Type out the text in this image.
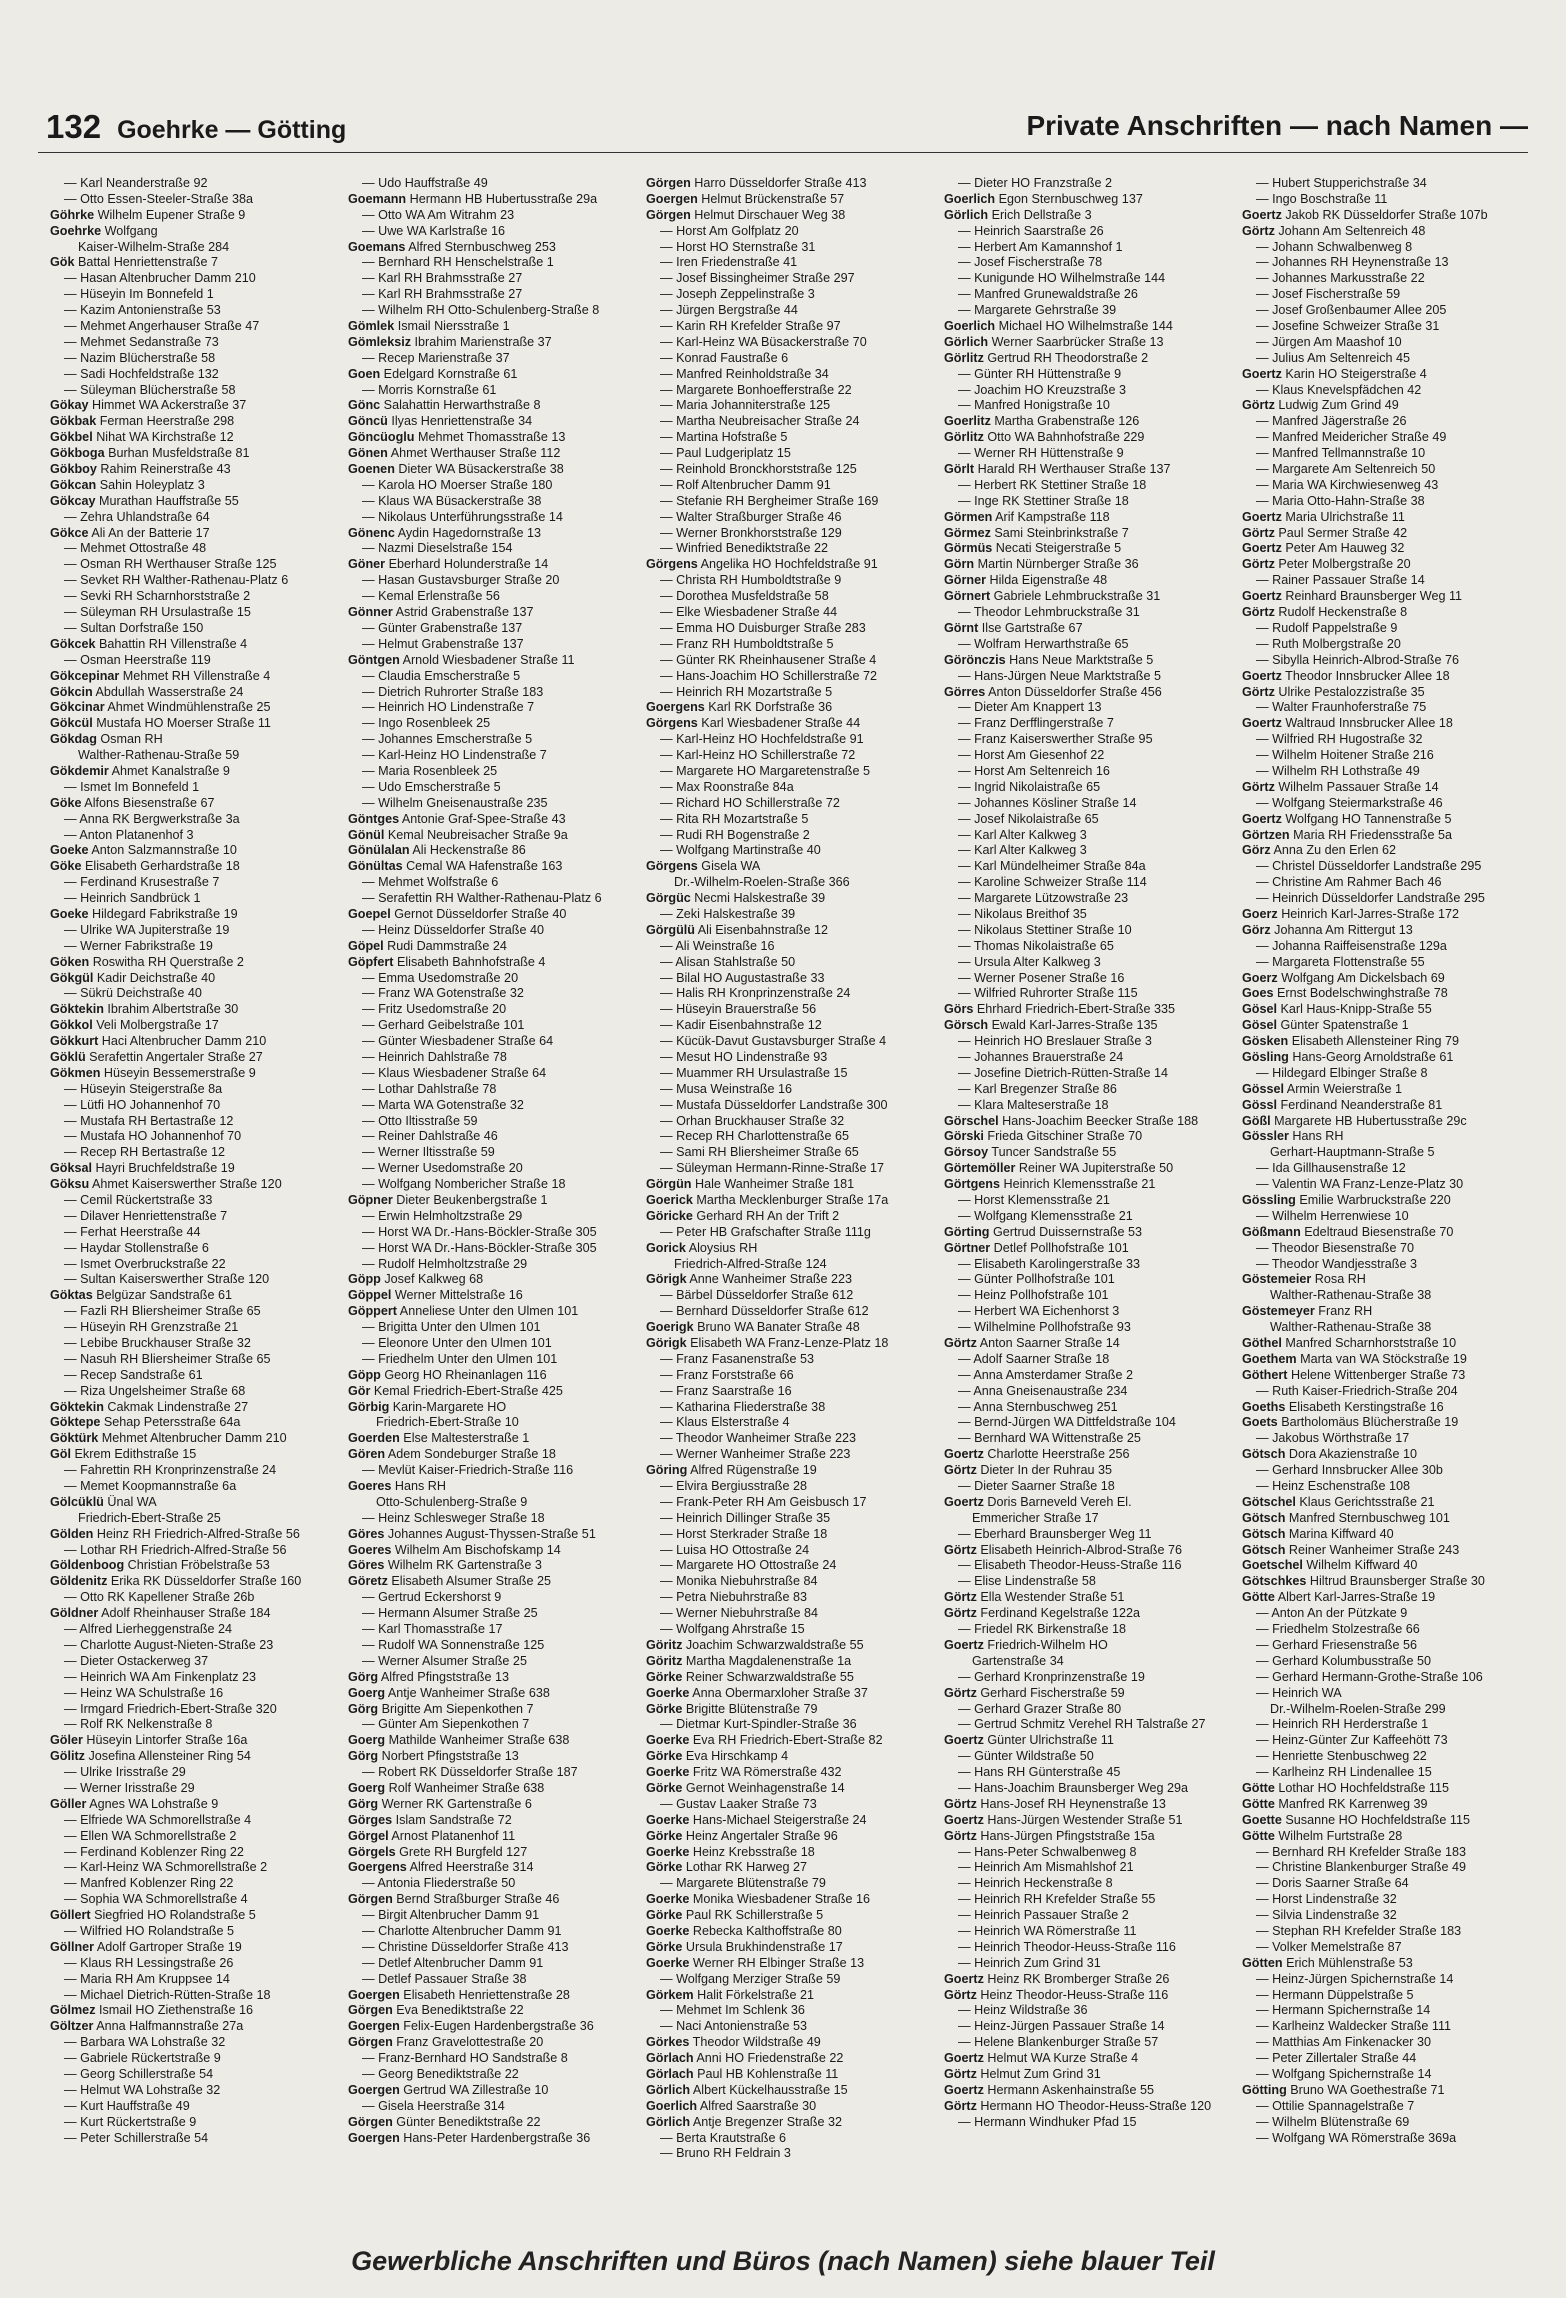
132 Goehrke — Götting	Private Anschriften — nach Namen —
— Karl Neanderstraße 92
— Otto Essen-Steeler-Straße 38a
Göhrke Wilhelm Eupener Straße 9
Goehrke Wolfgang
Kaiser-Wilhelm-Straße 284
Gök Battal Henriettenstraße 7
— Hasan Altenbrucher Damm 210
— Hüseyin Im Bonnefeld 1
— Kazim Antonienstraße 53
— Mehmet Angerhauser Straße 47
— Mehmet Sedanstraße 73
— Nazim Blücherstraße 58
— Sadi Hochfeldstraße 132
— Süleyman Blücherstraße 58
Gökay Himmet WA Ackerstraße 37
Gökbak Ferman Heerstraße 298
Gökbel Nihat WA Kirchstraße 12
Gökboga Burhan Musfeldstraße 81
Gökboy Rahim Reinerstraße 43
Gökcan Sahin Holeyplatz 3
Gökcay Murathan Hauffstraße 55
— Zehra Uhlandstraße 64
Gökce Ali An der Batterie 17
— Mehmet Ottostraße 48
— Osman RH Werthauser Straße 125
— Sevket RH Walther-Rathenau-Platz 6
— Sevki RH Scharnhorststraße 2
— Süleyman RH Ursulastraße 15
— Sultan Dorfstraße 150
Gökcek Bahattin RH Villenstraße 4
— Osman Heerstraße 119
Gökcepinar Mehmet RH Villenstraße 4
Gökcin Abdullah Wasserstraße 24
Gökcinar Ahmet Windmühlenstraße 25
Gökcül Mustafa HO Moerser Straße 11
Gökdag Osman RH
Walther-Rathenau-Straße 59
Gökdemir Ahmet Kanalstraße 9
— Ismet Im Bonnefeld 1
Göke Alfons Biesenstraße 67
— Anna RK Bergwerkstraße 3a
— Anton Platanenhof 3
Goeke Anton Salzmannstraße 10
Göke Elisabeth Gerhardstraße 18
— Ferdinand Krusestraße 7
— Heinrich Sandbrück 1
Goeke Hildegard Fabrikstraße 19
— Ulrike WA Jupiterstraße 19
— Werner Fabrikstraße 19
Göken Roswitha RH Querstraße 2
Gökgül Kadir Deichstraße 40
— Sükrü Deichstraße 40
Göktekin Ibrahim Albertstraße 30
Gökkol Veli Molbergstraße 17
Gökkurt Haci Altenbrucher Damm 210
Göklü Serafettin Angertaler Straße 27
Gökmen Hüseyin Bessemerstraße 9
— Hüseyin Steigerstraße 8a
— Lütfi HO Johannenhof 70
— Mustafa RH Bertastraße 12
— Mustafa HO Johannenhof 70
— Recep RH Bertastraße 12
Göksal Hayri Bruchfeldstraße 19
Göksu Ahmet Kaiserswerther Straße 120
— Cemil Rückertstraße 33
— Dilaver Henriettenstraße 7
— Ferhat Heerstraße 44
— Haydar Stollenstraße 6
— Ismet Overbruckstraße 22
— Sultan Kaiserswerther Straße 120
Göktas Belgüzar Sandstraße 61
— Fazli RH Bliersheimer Straße 65
— Hüseyin RH Grenzstraße 21
— Lebibe Bruckhauser Straße 32
— Nasuh RH Bliersheimer Straße 65
— Recep Sandstraße 61
— Riza Ungelsheimer Straße 68
Göktekin Cakmak Lindenstraße 27
Göktepe Sehap Petersstraße 64a
Göktürk Mehmet Altenbrucher Damm 210
Göl Ekrem Edithstraße 15
— Fahrettin RH Kronprinzenstraße 24
— Memet Koopmannstraße 6a
Gölcüklü Ünal WA
Friedrich-Ebert-Straße 25
Gölden Heinz RH Friedrich-Alfred-Straße 56
— Lothar RH Friedrich-Alfred-Straße 56
Göldenboog Christian Fröbelstraße 53
Göldenitz Erika RK Düsseldorfer Straße 160
— Otto RK Kapellener Straße 26b
Göldner Adolf Rheinhauser Straße 184
— Alfred Lierheggenstraße 24
— Charlotte August-Nieten-Straße 23
— Dieter Ostackerweg 37
— Heinrich WA Am Finkenplatz 23
— Heinz WA Schulstraße 16
— Irmgard Friedrich-Ebert-Straße 320
— Rolf RK Nelkenstraße 8
Göler Hüseyin Lintorfer Straße 16a
Gölitz Josefina Allensteiner Ring 54
— Ulrike Irisstraße 29
— Werner Irisstraße 29
Göller Agnes WA Lohstraße 9
— Elfriede WA Schmorellstraße 4
— Ellen WA Schmorellstraße 2
— Ferdinand Koblenzer Ring 22
— Karl-Heinz WA Schmorellstraße 2
— Manfred Koblenzer Ring 22
— Sophia WA Schmorellstraße 4
Göllert Siegfried HO Rolandstraße 5
— Wilfried HO Rolandstraße 5
Göllner Adolf Gartroper Straße 19
— Klaus RH Lessingstraße 26
— Maria RH Am Kruppsee 14
— Michael Dietrich-Rütten-Straße 18
Gölmez Ismail HO Ziethenstraße 16
Göltzer Anna Halfmannstraße 27a
— Barbara WA Lohstraße 32
— Gabriele Rückertstraße 9
— Georg Schillerstraße 54
— Helmut WA Lohstraße 32
— Kurt Hauffstraße 49
— Kurt Rückertstraße 9
— Peter Schillerstraße 54
— Udo Hauffstraße 49
Goemann Hermann HB Hubertusstraße 29a
— Otto WA Am Witrahm 23
— Uwe WA Karlstraße 16
Goemans Alfred Sternbuschweg 253
— Bernhard RH Henschelstraße 1
— Karl RH Brahmsstraße 27
— Karl RH Brahmsstraße 27
— Wilhelm RH Otto-Schulenberg-Straße 8
Gömlek Ismail Niersstraße 1
Gömleksiz Ibrahim Marienstraße 37
— Recep Marienstraße 37
Goen Edelgard Kornstraße 61
— Morris Kornstraße 61
Gönc Salahattin Herwarthstraße 8
Göncü Ilyas Henriettenstraße 34
Göncüoglu Mehmet Thomasstraße 13
Gönen Ahmet Werthauser Straße 112
Goenen Dieter WA Büsackerstraße 38
— Karola HO Moerser Straße 180
— Klaus WA Büsackerstraße 38
— Nikolaus Unterführungsstraße 14
Gönenc Aydin Hagedornstraße 13
— Nazmi Dieselstraße 154
Göner Eberhard Holunderstraße 14
— Hasan Gustavsburger Straße 20
— Kemal Erlenstraße 56
Gönner Astrid Grabenstraße 137
— Günter Grabenstraße 137
— Helmut Grabenstraße 137
Göntgen Arnold Wiesbadener Straße 11
— Claudia Emscherstraße 5
— Dietrich Ruhrorter Straße 183
— Heinrich HO Lindenstraße 7
— Ingo Rosenbleek 25
— Johannes Emscherstraße 5
— Karl-Heinz HO Lindenstraße 7
— Maria Rosenbleek 25
— Udo Emscherstraße 5
— Wilhelm Gneisenaustraße 235
Göntges Antonie Graf-Spee-Straße 43
Gönül Kemal Neubreisacher Straße 9a
Gönülalan Ali Heckenstraße 86
Gönültas Cemal WA Hafenstraße 163
— Mehmet Wolfstraße 6
— Serafettin RH Walther-Rathenau-Platz 6
Goepel Gernot Düsseldorfer Straße 40
— Heinz Düsseldorfer Straße 40
Göpel Rudi Dammstraße 24
Göpfert Elisabeth Bahnhofstraße 4
— Emma Usedomstraße 20
— Franz WA Gotenstraße 32
— Fritz Usedomstraße 20
— Gerhard Geibelstraße 101
— Günter Wiesbadener Straße 64
— Heinrich Dahlstraße 78
— Klaus Wiesbadener Straße 64
— Lothar Dahlstraße 78
— Marta WA Gotenstraße 32
— Otto Iltisstraße 59
— Reiner Dahlstraße 46
— Werner Iltisstraße 59
— Werner Usedomstraße 20
— Wolfgang Nombericher Straße 18
Göpner Dieter Beukenbergstraße 1
— Erwin Helmholtzstraße 29
— Horst WA Dr.-Hans-Böckler-Straße 305
— Horst WA Dr.-Hans-Böckler-Straße 305
— Rudolf Helmholtzstraße 29
Göpp Josef Kalkweg 68
Göppel Werner Mittelstraße 16
Göppert Anneliese Unter den Ulmen 101
— Brigitta Unter den Ulmen 101
— Eleonore Unter den Ulmen 101
— Friedhelm Unter den Ulmen 101
Göpp Georg HO Rheinanlagen 116
Gör Kemal Friedrich-Ebert-Straße 425
Görbig Karin-Margarete HO
Friedrich-Ebert-Straße 10
Goerden Else Maltesterstraße 1
Gören Adem Sondeburger Straße 18
— Mevlüt Kaiser-Friedrich-Straße 116
Goeres Hans RH
Otto-Schulenberg-Straße 9
— Heinz Schlesweger Straße 18
Göres Johannes August-Thyssen-Straße 51
Goeres Wilhelm Am Bischofskamp 14
Göres Wilhelm RK Gartenstraße 3
Göretz Elisabeth Alsumer Straße 25
— Gertrud Eckershorst 9
— Hermann Alsumer Straße 25
— Karl Thomasstraße 17
— Rudolf WA Sonnenstraße 125
— Werner Alsumer Straße 25
Görg Alfred Pfingststraße 13
Goerg Antje Wanheimer Straße 638
Görg Brigitte Am Siepenkothen 7
— Günter Am Siepenkothen 7
Goerg Mathilde Wanheimer Straße 638
Görg Norbert Pfingststraße 13
— Robert RK Düsseldorfer Straße 187
Goerg Rolf Wanheimer Straße 638
Görg Werner RK Gartenstraße 6
Görges Islam Sandstraße 72
Görgel Arnost Platanenhof 11
Görgels Grete RH Burgfeld 127
Goergens Alfred Heerstraße 314
— Antonia Fliederstraße 50
Görgen Bernd Straßburger Straße 46
— Birgit Altenbrucher Damm 91
— Charlotte Altenbrucher Damm 91
— Christine Düsseldorfer Straße 413
— Detlef Altenbrucher Damm 91
— Detlef Passauer Straße 38
Goergen Elisabeth Henriettenstraße 28
Görgen Eva Benediktstraße 22
Goergen Felix-Eugen Hardenbergstraße 36
Görgen Franz Gravelottestraße 20
— Franz-Bernhard HO Sandstraße 8
— Georg Benediktstraße 22
Goergen Gertrud WA Zillestraße 10
— Gisela Heerstraße 314
Görgen Günter Benediktstraße 22
Goergen Hans-Peter Hardenbergstraße 36
Görgen Harro Düsseldorfer Straße 413
Goergen Helmut Brückenstraße 57
Görgen Helmut Dirschauer Weg 38
— Horst Am Golfplatz 20
— Horst HO Sternstraße 31
— Iren Friedenstraße 41
— Josef Bissingheimer Straße 297
— Joseph Zeppelinstraße 3
— Jürgen Bergstraße 44
— Karin RH Krefelder Straße 97
— Karl-Heinz WA Büsackerstraße 70
— Konrad Faustraße 6
— Manfred Reinholdstraße 34
— Margarete Bonhoefferstraße 22
— Maria Johanniterstraße 125
— Martha Neubreisacher Straße 24
— Martina Hofstraße 5
— Paul Ludgeriplatz 15
— Reinhold Bronckhorststraße 125
— Rolf Altenbrucher Damm 91
— Stefanie RH Bergheimer Straße 169
— Walter Straßburger Straße 46
— Werner Bronkhorststraße 129
— Winfried Benediktstraße 22
Görgens Angelika HO Hochfeldstraße 91
— Christa RH Humboldtstraße 9
— Dorothea Musfeldstraße 58
— Elke Wiesbadener Straße 44
— Emma HO Duisburger Straße 283
— Franz RH Humboldtstraße 5
— Günter RK Rheinhausener Straße 4
— Hans-Joachim HO Schillerstraße 72
— Heinrich RH Mozartstraße 5
Goergens Karl RK Dorfstraße 36
Görgens Karl Wiesbadener Straße 44
— Karl-Heinz HO Hochfeldstraße 91
— Karl-Heinz HO Schillerstraße 72
— Margarete HO Margaretenstraße 5
— Max Roonstraße 84a
— Richard HO Schillerstraße 72
— Rita RH Mozartstraße 5
— Rudi RH Bogenstraße 2
— Wolfgang Martinstraße 40
Görgens Gisela WA
Dr.-Wilhelm-Roelen-Straße 366
Görgüc Necmi Halskestraße 39
— Zeki Halskestraße 39
Görgülü Ali Eisenbahnstraße 12
— Ali Weinstraße 16
— Alisan Stahlstraße 50
— Bilal HO Augustastraße 33
— Halis RH Kronprinzenstraße 24
— Hüseyin Brauerstraße 56
— Kadir Eisenbahnstraße 12
— Kücük-Davut Gustavsburger Straße 4
— Mesut HO Lindenstraße 93
— Muammer RH Ursulastraße 15
— Musa Weinstraße 16
— Mustafa Düsseldorfer Landstraße 300
— Orhan Bruckhauser Straße 32
— Recep RH Charlottenstraße 65
— Sami RH Bliersheimer Straße 65
— Süleyman Hermann-Rinne-Straße 17
Görgün Hale Wanheimer Straße 181
Goerick Martha Mecklenburger Straße 17a
Göricke Gerhard RH An der Trift 2
— Peter HB Grafschafter Straße 111g
Gorick Aloysius RH
Friedrich-Alfred-Straße 124
Görigk Anne Wanheimer Straße 223
— Bärbel Düsseldorfer Straße 612
— Bernhard Düsseldorfer Straße 612
Goerigk Bruno WA Banater Straße 48
Görigk Elisabeth WA Franz-Lenze-Platz 18
— Franz Fasanenstraße 53
— Franz Forststraße 66
— Franz Saarstraße 16
— Katharina Fliederstraße 38
— Klaus Elsterstraße 4
— Theodor Wanheimer Straße 223
— Werner Wanheimer Straße 223
Göring Alfred Rügenstraße 19
— Elvira Bergiusstraße 28
— Frank-Peter RH Am Geisbusch 17
— Heinrich Dillinger Straße 35
— Horst Sterkrader Straße 18
— Luisa HO Ottostraße 24
— Margarete HO Ottostraße 24
— Monika Niebuhrstraße 84
— Petra Niebuhrstraße 83
— Werner Niebuhrstraße 84
— Wolfgang Ahrstraße 15
Göritz Joachim Schwarzwaldstraße 55
Göritz Martha Magdalenenstraße 1a
Görke Reiner Schwarzwaldstraße 55
Goerke Anna Obermarxloher Straße 37
Görke Brigitte Blütenstraße 79
— Dietmar Kurt-Spindler-Straße 36
Goerke Eva RH Friedrich-Ebert-Straße 82
Görke Eva Hirschkamp 4
Goerke Fritz WA Römerstraße 432
Görke Gernot Weinhagenstraße 14
— Gustav Laaker Straße 73
Goerke Hans-Michael Steigerstraße 24
Görke Heinz Angertaler Straße 96
Goerke Heinz Krebsstraße 18
Görke Lothar RK Harweg 27
— Margarete Blütenstraße 79
Goerke Monika Wiesbadener Straße 16
Görke Paul RK Schillerstraße 5
Goerke Rebecka Kalthoffstraße 80
Görke Ursula Brukhindenstraße 17
Goerke Werner RH Elbinger Straße 13
— Wolfgang Merziger Straße 59
Görkem Halit Förkelstraße 21
— Mehmet Im Schlenk 36
— Naci Antonienstraße 53
Görkes Theodor Wildstraße 49
Görlach Anni HO Friedenstraße 22
Görlach Paul HB Kohlenstraße 11
Görlich Albert Kückelhausstraße 15
Goerlich Alfred Saarstraße 30
Görlich Antje Bregenzer Straße 32
— Berta Krautstraße 6
— Bruno RH Feldrain 3
— Dieter HO Franzstraße 2
Goerlich Egon Sternbuschweg 137
Görlich Erich Dellstraße 3
— Heinrich Saarstraße 26
— Herbert Am Kamannshof 1
— Josef Fischerstraße 78
— Kunigunde HO Wilhelmstraße 144
— Manfred Grunewaldstraße 26
— Margarete Gehrstraße 39
Goerlich Michael HO Wilhelmstraße 144
Görlich Werner Saarbrücker Straße 13
Görlitz Gertrud RH Theodorstraße 2
— Günter RH Hüttenstraße 9
— Joachim HO Kreuzstraße 3
— Manfred Honigstraße 10
Goerlitz Martha Grabenstraße 126
Görlitz Otto WA Bahnhofstraße 229
— Werner RH Hüttenstraße 9
Görlt Harald RH Werthauser Straße 137
— Herbert RK Stettiner Straße 18
— Inge RK Stettiner Straße 18
Görmen Arif Kampstraße 118
Görmez Sami Steinbrinkstraße 7
Görmüs Necati Steigerstraße 5
Görn Martin Nürnberger Straße 36
Görner Hilda Eigenstraße 48
Görnert Gabriele Lehmbruckstraße 31
— Theodor Lehmbruckstraße 31
Görnt Ilse Gartstraße 67
— Wolfram Herwarthstraße 65
Görönczis Hans Neue Marktstraße 5
— Hans-Jürgen Neue Marktstraße 5
Görres Anton Düsseldorfer Straße 456
— Dieter Am Knappert 13
— Franz Derfflingerstraße 7
— Franz Kaiserswerther Straße 95
— Horst Am Giesenhof 22
— Horst Am Seltenreich 16
— Ingrid Nikolaistraße 65
— Johannes Kösliner Straße 14
— Josef Nikolaistraße 65
— Karl Alter Kalkweg 3
— Karl Alter Kalkweg 3
— Karl Mündelheimer Straße 84a
— Karoline Schweizer Straße 114
— Margarete Lützowstraße 23
— Nikolaus Breithof 35
— Nikolaus Stettiner Straße 10
— Thomas Nikolaistraße 65
— Ursula Alter Kalkweg 3
— Werner Posener Straße 16
— Wilfried Ruhrorter Straße 115
Görs Ehrhard Friedrich-Ebert-Straße 335
Görsch Ewald Karl-Jarres-Straße 135
— Heinrich HO Breslauer Straße 3
— Johannes Brauerstraße 24
— Josefine Dietrich-Rütten-Straße 14
— Karl Bregenzer Straße 86
— Klara Malteserstraße 18
Görschel Hans-Joachim Beecker Straße 188
Görski Frieda Gitschiner Straße 70
Görsoy Tuncer Sandstraße 55
Görtemöller Reiner WA Jupiterstraße 50
Görtgens Heinrich Klemensstraße 21
— Horst Klemensstraße 21
— Wolfgang Klemensstraße 21
Görting Gertrud Duissernstraße 53
Görtner Detlef Pollhofstraße 101
— Elisabeth Karolingerstraße 33
— Günter Pollhofstraße 101
— Heinz Pollhofstraße 101
— Herbert WA Eichenhorst 3
— Wilhelmine Pollhofstraße 93
Görtz Anton Saarner Straße 14
— Adolf Saarner Straße 18
— Anna Amsterdamer Straße 2
— Anna Gneisenaustraße 234
— Anna Sternbuschweg 251
— Bernd-Jürgen WA Dittfeldstraße 104
— Bernhard WA Wittenstraße 25
Goertz Charlotte Heerstraße 256
Görtz Dieter In der Ruhrau 35
— Dieter Saarner Straße 18
Goertz Doris Barneveld Vereh El.
Emmericher Straße 17
— Eberhard Braunsberger Weg 11
Görtz Elisabeth Heinrich-Albrod-Straße 76
— Elisabeth Theodor-Heuss-Straße 116
— Elise Lindenstraße 58
Görtz Ella Westender Straße 51
Görtz Ferdinand Kegelstraße 122a
— Friedel RK Birkenstraße 18
Goertz Friedrich-Wilhelm HO
Gartenstraße 34
— Gerhard Kronprinzenstraße 19
Görtz Gerhard Fischerstraße 59
— Gerhard Grazer Straße 80
— Gertrud Schmitz Verehel RH Talstraße 27
Goertz Günter Ulrichstraße 11
— Günter Wildstraße 50
— Hans RH Günterstraße 45
— Hans-Joachim Braunsberger Weg 29a
Görtz Hans-Josef RH Heynenstraße 13
Goertz Hans-Jürgen Westender Straße 51
Görtz Hans-Jürgen Pfingststraße 15a
— Hans-Peter Schwalbenweg 8
— Heinrich Am Mismahlshof 21
— Heinrich Heckenstraße 8
— Heinrich RH Krefelder Straße 55
— Heinrich Passauer Straße 2
— Heinrich WA Römerstraße 11
— Heinrich Theodor-Heuss-Straße 116
— Heinrich Zum Grind 31
Goertz Heinz RK Bromberger Straße 26
Görtz Heinz Theodor-Heuss-Straße 116
— Heinz Wildstraße 36
— Heinz-Jürgen Passauer Straße 14
— Helene Blankenburger Straße 57
Goertz Helmut WA Kurze Straße 4
Görtz Helmut Zum Grind 31
Goertz Hermann Askenhainstraße 55
Görtz Hermann HO Theodor-Heuss-Straße 120
— Hermann Windhuker Pfad 15
— Hubert Stupperichstraße 34
— Ingo Boschstraße 11
Goertz Jakob RK Düsseldorfer Straße 107b
Görtz Johann Am Seltenreich 48
— Johann Schwalbenweg 8
— Johannes RH Heynenstraße 13
— Johannes Markusstraße 22
— Josef Fischerstraße 59
— Josef Großenbaumer Allee 205
— Josefine Schweizer Straße 31
— Jürgen Am Maashof 10
— Julius Am Seltenreich 45
Goertz Karin HO Steigerstraße 4
— Klaus Knevelspfädchen 42
Görtz Ludwig Zum Grind 49
— Manfred Jägerstraße 26
— Manfred Meidericher Straße 49
— Manfred Tellmannstraße 10
— Margarete Am Seltenreich 50
— Maria WA Kirchwiesenweg 43
— Maria Otto-Hahn-Straße 38
Goertz Maria Ulrichstraße 11
Görtz Paul Sermer Straße 42
Goertz Peter Am Hauweg 32
Görtz Peter Molbergstraße 20
— Rainer Passauer Straße 14
Goertz Reinhard Braunsberger Weg 11
Görtz Rudolf Heckenstraße 8
— Rudolf Pappelstraße 9
— Ruth Molbergstraße 20
— Sibylla Heinrich-Albrod-Straße 76
Goertz Theodor Innsbrucker Allee 18
Görtz Ulrike Pestalozzistraße 35
— Walter Fraunhoferstraße 75
Goertz Waltraud Innsbrucker Allee 18
— Wilfried RH Hugostraße 32
— Wilhelm Hoitener Straße 216
— Wilhelm RH Lothstraße 49
Görtz Wilhelm Passauer Straße 14
— Wolfgang Steiermarkstraße 46
Goertz Wolfgang HO Tannenstraße 5
Görtzen Maria RH Friedensstraße 5a
Görz Anna Zu den Erlen 62
— Christel Düsseldorfer Landstraße 295
— Christine Am Rahmer Bach 46
— Heinrich Düsseldorfer Landstraße 295
Goerz Heinrich Karl-Jarres-Straße 172
Görz Johanna Am Rittergut 13
— Johanna Raiffeisenstraße 129a
— Margareta Flottenstraße 55
Goerz Wolfgang Am Dickelsbach 69
Goes Ernst Bodelschwinghstraße 78
Gösel Karl Haus-Knipp-Straße 55
Gösel Günter Spatenstraße 1
Gösken Elisabeth Allensteiner Ring 79
Gösling Hans-Georg Arnoldstraße 61
— Hildegard Elbinger Straße 8
Gössel Armin Weierstraße 1
Gössl Ferdinand Neanderstraße 81
Gößl Margarete HB Hubertusstraße 29c
Gössler Hans RH
Gerhart-Hauptmann-Straße 5
— Ida Gillhausenstraße 12
— Valentin WA Franz-Lenze-Platz 30
Gössling Emilie Warbruckstraße 220
— Wilhelm Herrenwiese 10
Gößmann Edeltraud Biesenstraße 70
— Theodor Biesenstraße 70
— Theodor Wandjesstraße 3
Göstemeier Rosa RH
Walther-Rathenau-Straße 38
Göstemeyer Franz RH
Walther-Rathenau-Straße 38
Göthel Manfred Scharnhorststraße 10
Goethem Marta van WA Stöckstraße 19
Göthert Helene Wittenberger Straße 73
— Ruth Kaiser-Friedrich-Straße 204
Goeths Elisabeth Kerstingstraße 16
Goets Bartholomäus Blücherstraße 19
— Jakobus Wörthstraße 17
Götsch Dora Akazienstraße 10
— Gerhard Innsbrucker Allee 30b
— Heinz Eschenstraße 108
Götschel Klaus Gerichtsstraße 21
Götsch Manfred Sternbuschweg 101
Götsch Marina Kiffward 40
Götsch Reiner Wanheimer Straße 243
Goetschel Wilhelm Kiffward 40
Götschkes Hiltrud Braunsberger Straße 30
Götte Albert Karl-Jarres-Straße 19
— Anton An der Pützkate 9
— Friedhelm Stolzestraße 66
— Gerhard Friesenstraße 56
— Gerhard Kolumbusstraße 50
— Gerhard Hermann-Grothe-Straße 106
— Heinrich WA
Dr.-Wilhelm-Roelen-Straße 299
— Heinrich RH Herderstraße 1
— Heinz-Günter Zur Kaffeehött 73
— Henriette Stenbuschweg 22
— Karlheinz RH Lindenallee 15
Götte Lothar HO Hochfeldstraße 115
Götte Manfred RK Karrenweg 39
Goette Susanne HO Hochfeldstraße 115
Götte Wilhelm Furtstraße 28
— Bernhard RH Krefelder Straße 183
— Christine Blankenburger Straße 49
— Doris Saarner Straße 64
— Horst Lindenstraße 32
— Silvia Lindenstraße 32
— Stephan RH Krefelder Straße 183
— Volker Memelstraße 87
Götten Erich Mühlenstraße 53
— Heinz-Jürgen Spichernstraße 14
— Hermann Düppelstraße 5
— Hermann Spichernstraße 14
— Karlheinz Waldecker Straße 111
— Matthias Am Finkenacker 30
— Peter Zillertaler Straße 44
— Wolfgang Spichernstraße 14
Götting Bruno WA Goethestraße 71
— Ottilie Spannagelstraße 7
— Wilhelm Blütenstraße 69
— Wolfgang WA Römerstraße 369a
Gewerbliche Anschriften und Büros (nach Namen) siehe blauer Teil
